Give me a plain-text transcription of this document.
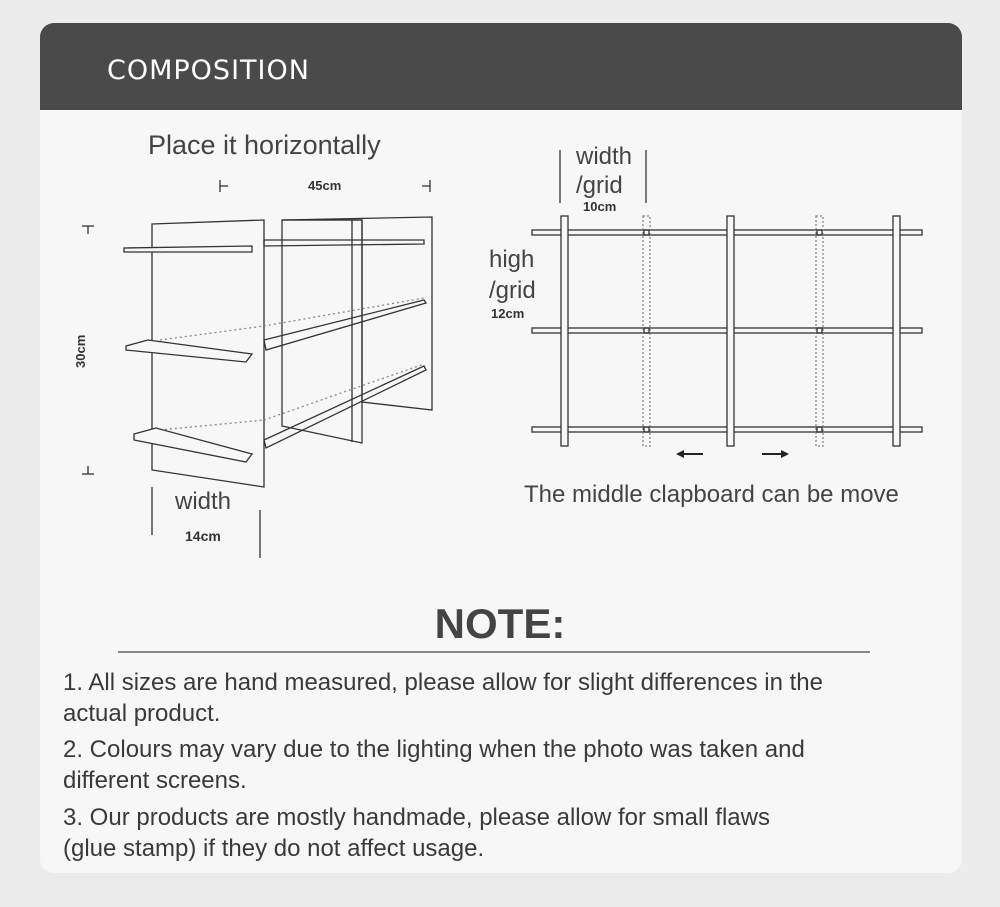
COMPOSITION
Place it horizontally
45cm
30cm
width
14cm
width
/grid
10cm
high
/grid
12cm
The middle clapboard can be move
NOTE:
1. All sizes are hand measured, please allow for slight differences in the
actual product.
2. Colours may vary due to the lighting when the photo was taken and
different screens.
3. Our products are mostly handmade, please allow for small flaws
(glue stamp) if they do not affect usage.
